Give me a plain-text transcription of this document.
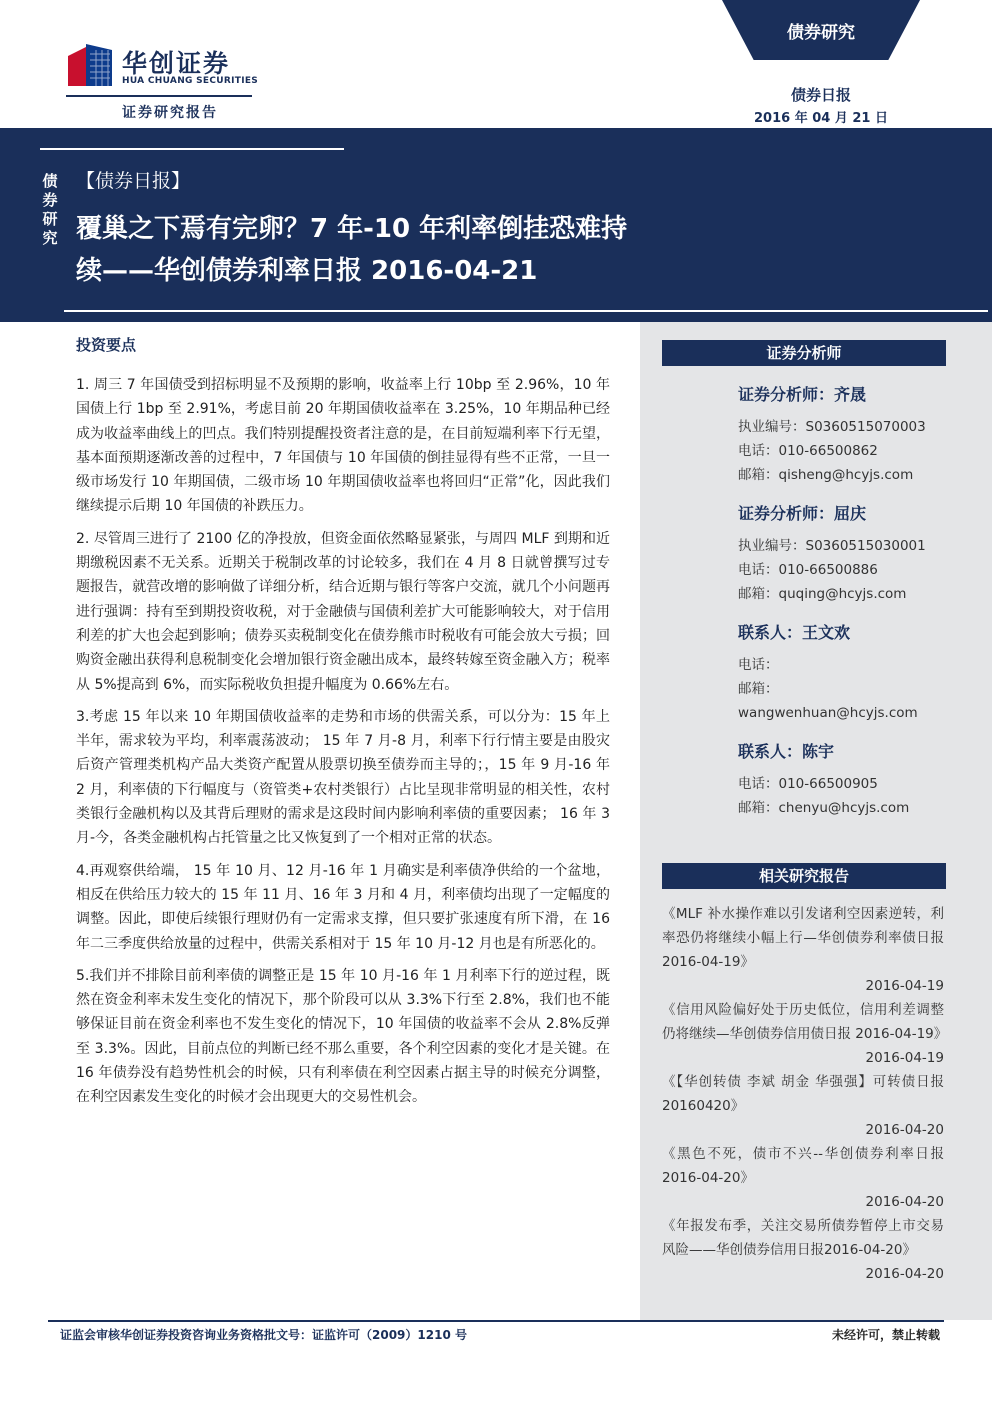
华创证券
HUA CHUANG SECURITIES
证券研究报告
债券研究
债券日报
2016 年 04 月 21 日
债
券
研
究
【债券日报】
覆巢之下焉有完卵？7 年-10 年利率倒挂恐难持续——华创债券利率日报 2016-04-21
投资要点

1. 周三 7 年国债受到招标明显不及预期的影响，收益率上行 10bp 至 2.96%，10 年国债上行 1bp 至 2.91%，考虑目前 20 年期国债收益率在 3.25%，10 年期品种已经成为收益率曲线上的凹点。我们特别提醒投资者注意的是，在目前短端利率下行无望，基本面预期逐渐改善的过程中，7 年国债与 10 年国债的倒挂显得有些不正常，一旦一级市场发行 10 年期国债，二级市场 10 年期国债收益率也将回归“正常”化，因此我们继续提示后期 10 年国债的补跌压力。

2. 尽管周三进行了 2100 亿的净投放，但资金面依然略显紧张，与周四 MLF 到期和近期缴税因素不无关系。近期关于税制改革的讨论较多，我们在 4 月 8 日就曾撰写过专题报告，就营改增的影响做了详细分析，结合近期与银行等客户交流，就几个小问题再进行强调：持有至到期投资收税，对于金融债与国债利差扩大可能影响较大，对于信用利差的扩大也会起到影响；债券买卖税制变化在债券熊市时税收有可能会放大亏损；回购资金融出获得利息税制变化会增加银行资金融出成本，最终转嫁至资金融入方；税率从 5%提高到 6%，而实际税收负担提升幅度为 0.66%左右。

3.考虑 15 年以来 10 年期国债收益率的走势和市场的供需关系，可以分为：15 年上半年，需求较为平均，利率震荡波动； 15 年 7 月-8 月，利率下行行情主要是由股灾后资产管理类机构产品大类资产配置从股票切换至债券而主导的；，15 年 9 月-16 年 2 月，利率债的下行幅度与（资管类+农村类银行）占比呈现非常明显的相关性，农村类银行金融机构以及其背后理财的需求是这段时间内影响利率债的重要因素； 16 年 3 月-今，各类金融机构占托管量之比又恢复到了一个相对正常的状态。

4.再观察供给端， 15 年 10 月、12 月-16 年 1 月确实是利率债净供给的一个盆地，相反在供给压力较大的 15 年 11 月、16 年 3 月和 4 月，利率债均出现了一定幅度的调整。因此，即使后续银行理财仍有一定需求支撑，但只要扩张速度有所下滑，在 16 年二三季度供给放量的过程中，供需关系相对于 15 年 10 月-12 月也是有所恶化的。

5.我们并不排除目前利率债的调整正是 15 年 10 月-16 年 1 月利率下行的逆过程，既然在资金利率未发生变化的情况下，那个阶段可以从 3.3%下行至 2.8%，我们也不能够保证目前在资金利率也不发生变化的情况下，10 年国债的收益率不会从 2.8%反弹至 3.3%。因此，目前点位的判断已经不那么重要，各个利空因素的变化才是关键。在 16 年债券没有趋势性机会的时候，只有利率债在利空因素占据主导的时候充分调整，在利空因素发生变化的时候才会出现更大的交易性机会。

证券分析师
证券分析师：齐晟
执业编号：S0360515070003
电话：010-66500862
邮箱：qisheng@hcyjs.com
证券分析师：屈庆
执业编号：S0360515030001
电话：010-66500886
邮箱：quqing@hcyjs.com
联系人：王文欢
电话：
邮箱：
wangwenhuan@hcyjs.com
联系人：陈宇
电话：010-66500905
邮箱：chenyu@hcyjs.com
相关研究报告
《MLF 补水操作难以引发诸利空因素逆转，利率恐仍将继续小幅上行—华创债券利率债日报 2016-04-19》
2016-04-19
《信用风险偏好处于历史低位，信用利差调整仍将继续—华创债券信用债日报 2016-04-19》
2016-04-19
《【华创转债 李斌 胡金 华强强】可转债日报 20160420》
2016-04-20
《黑色不死，债市不兴--华创债券利率日报 2016-04-20》
2016-04-20
《年报发布季，关注交易所债券暂停上市交易风险——华创债券信用日报2016-04-20》
2016-04-20
证监会审核华创证券投资咨询业务资格批文号：证监许可（2009）1210 号	未经许可，禁止转载
